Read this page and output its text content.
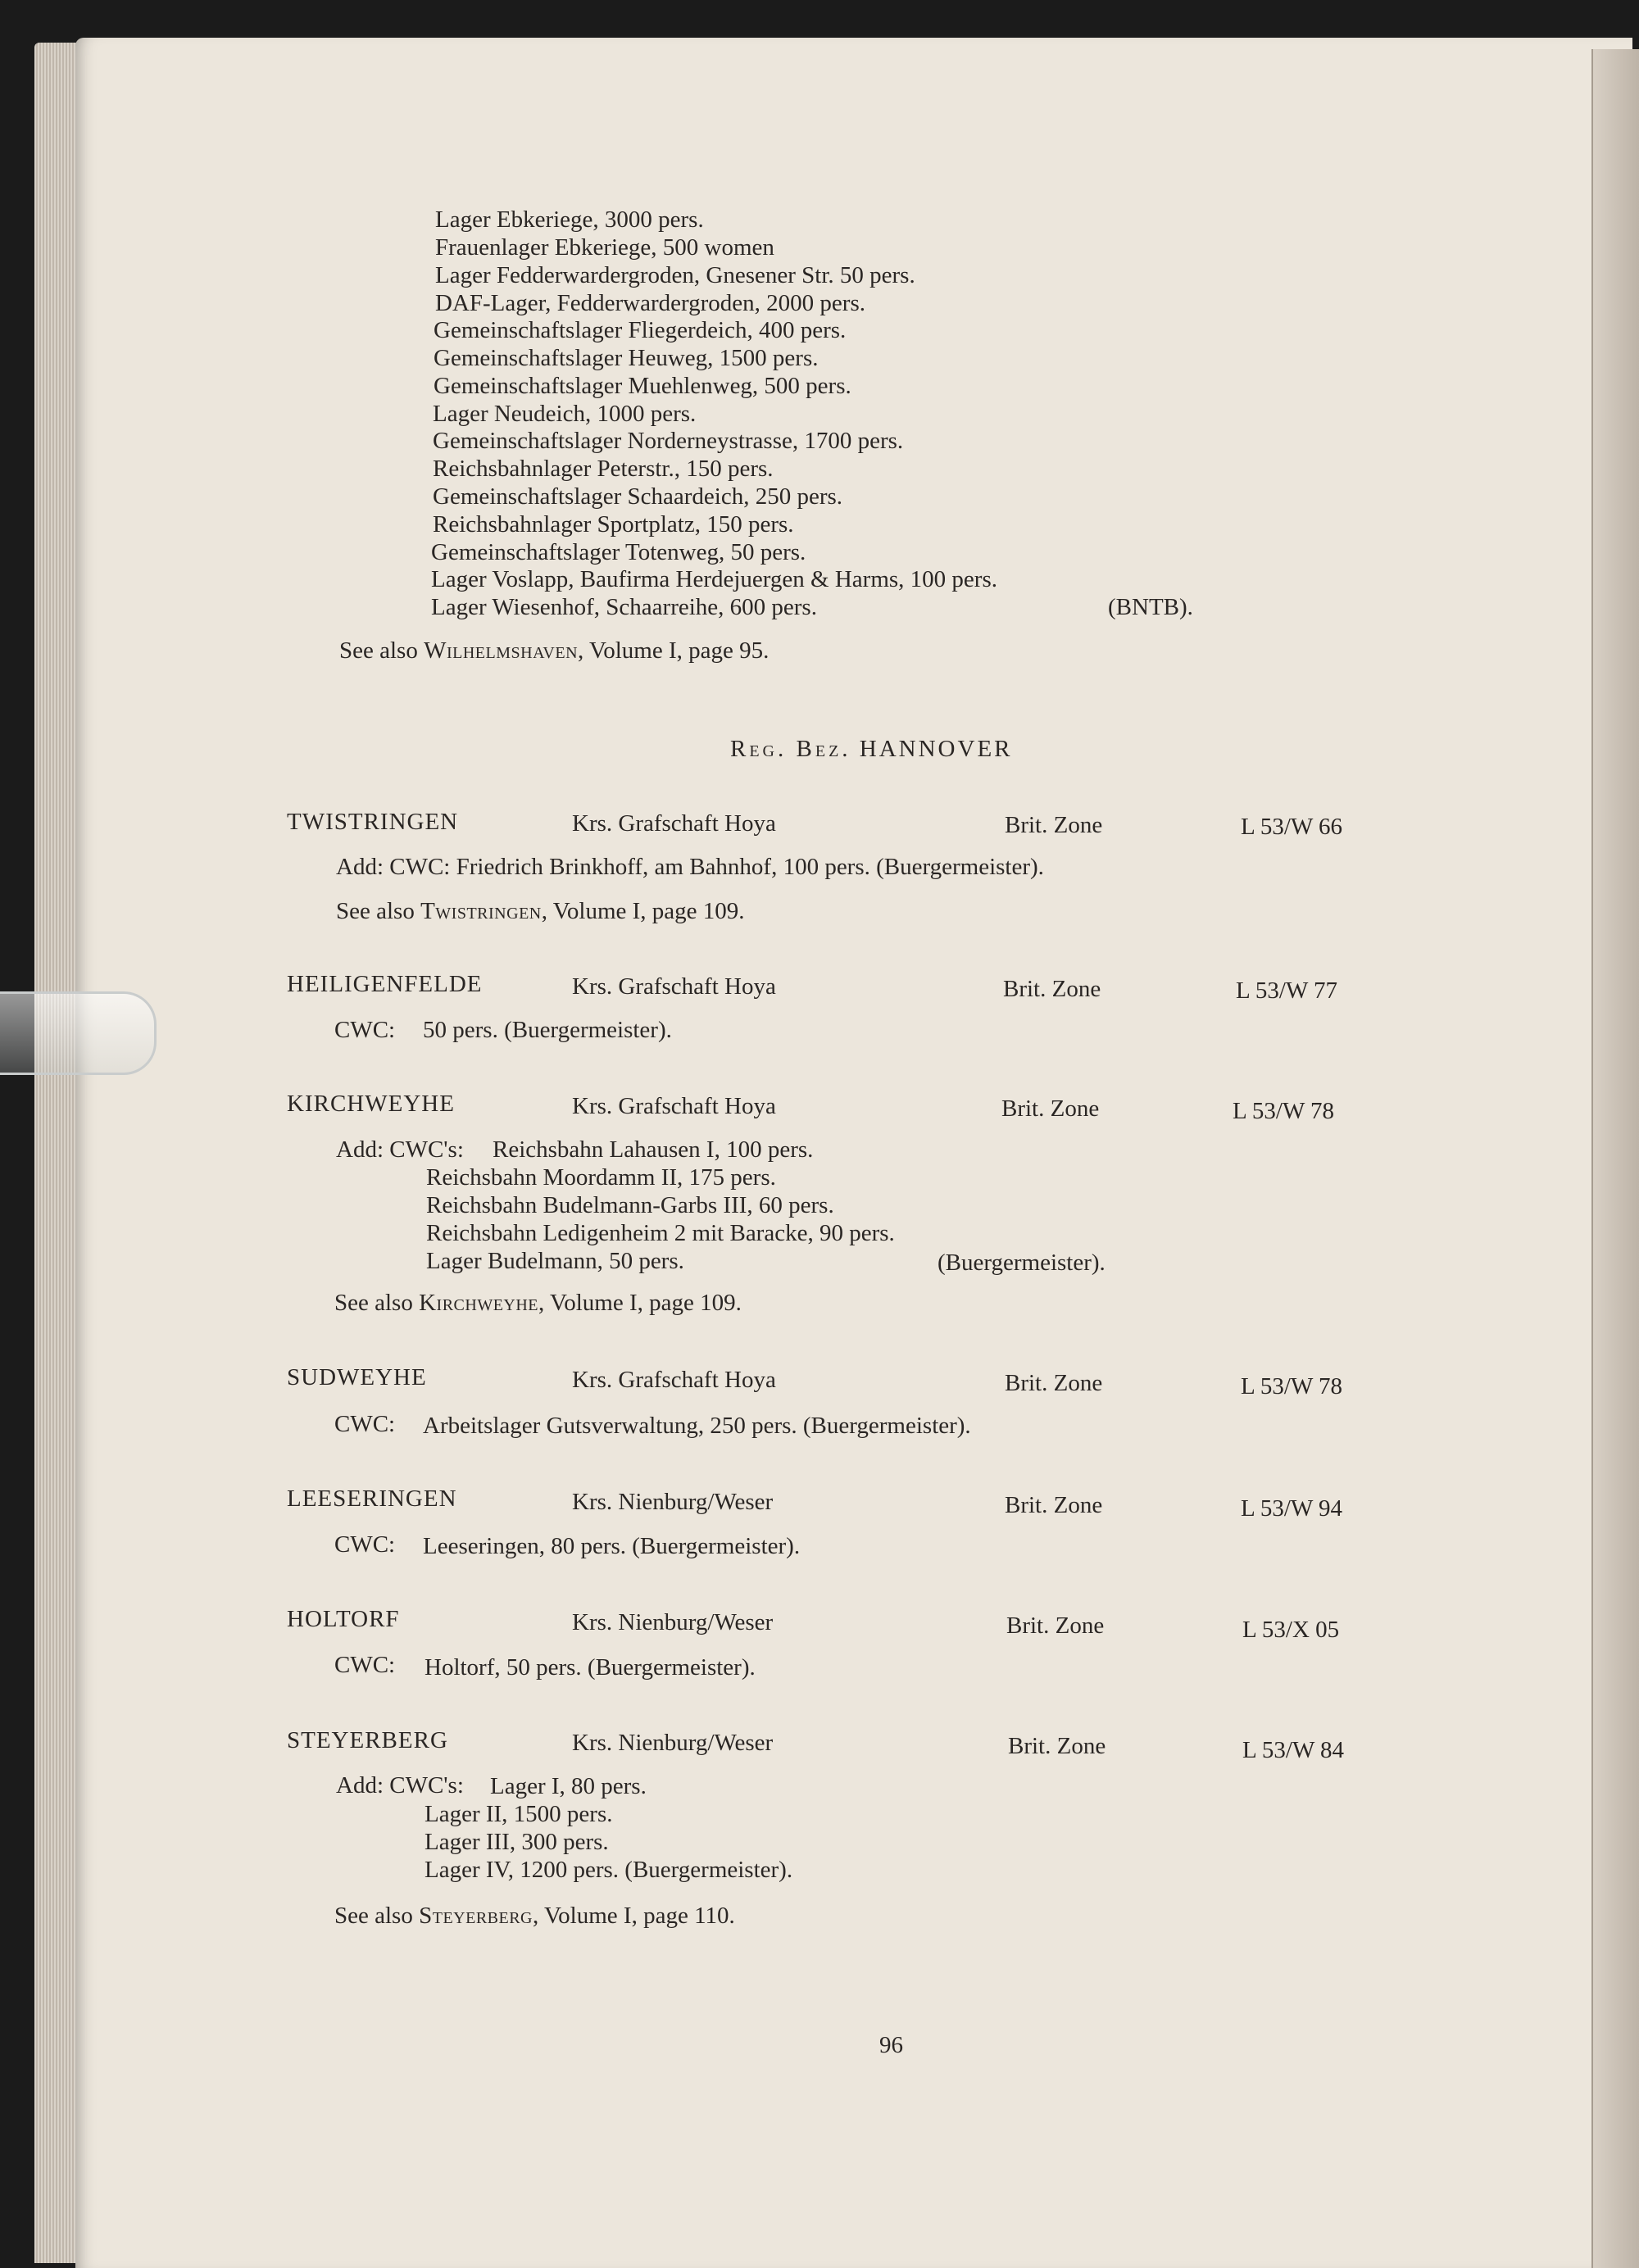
Lager Ebkeriege, 3000 pers.
Frauenlager Ebkeriege, 500 women
Lager Fedderwardergroden, Gnesener Str. 50 pers.
DAF-Lager, Fedderwardergroden, 2000 pers.
Gemeinschaftslager Fliegerdeich, 400 pers.
Gemeinschaftslager Heuweg, 1500 pers.
Gemeinschaftslager Muehlenweg, 500 pers.
Lager Neudeich, 1000 pers.
Gemeinschaftslager Norderneystrasse, 1700 pers.
Reichsbahnlager Peterstr., 150 pers.
Gemeinschaftslager Schaardeich, 250 pers.
Reichsbahnlager Sportplatz, 150 pers.
Gemeinschaftslager Totenweg, 50 pers.
Lager Voslapp, Baufirma Herdejuergen & Harms, 100 pers.
Lager Wiesenhof, Schaarreihe, 600 pers.	(BNTB).
See also Wilhelmshaven, Volume I, page 95.
Reg. Bez. HANNOVER
TWISTRINGEN	Krs. Grafschaft Hoya	Brit. Zone	L 53/W 66
Add: CWC: Friedrich Brinkhoff, am Bahnhof, 100 pers. (Buergermeister).
See also Twistringen, Volume I, page 109.
HEILIGENFELDE	Krs. Grafschaft Hoya	Brit. Zone	L 53/W 77
CWC: 50 pers. (Buergermeister).
KIRCHWEYHE	Krs. Grafschaft Hoya	Brit. Zone	L 53/W 78
Add: CWC's: Reichsbahn Lahausen I, 100 pers.
Reichsbahn Moordamm II, 175 pers.
Reichsbahn Budelmann-Garbs III, 60 pers.
Reichsbahn Ledigenheim 2 mit Baracke, 90 pers.
Lager Budelmann, 50 pers.	(Buergermeister).
See also Kirchweyhe, Volume I, page 109.
SUDWEYHE	Krs. Grafschaft Hoya	Brit. Zone	L 53/W 78
CWC: Arbeitslager Gutsverwaltung, 250 pers. (Buergermeister).
LEESERINGEN	Krs. Nienburg/Weser	Brit. Zone	L 53/W 94
CWC: Leeseringen, 80 pers. (Buergermeister).
HOLTORF	Krs. Nienburg/Weser	Brit. Zone	L 53/X 05
CWC: Holtorf, 50 pers. (Buergermeister).
STEYERBERG	Krs. Nienburg/Weser	Brit. Zone	L 53/W 84
Add: CWC's: Lager I, 80 pers.
Lager II, 1500 pers.
Lager III, 300 pers.
Lager IV, 1200 pers. (Buergermeister).
See also Steyerberg, Volume I, page 110.
96
